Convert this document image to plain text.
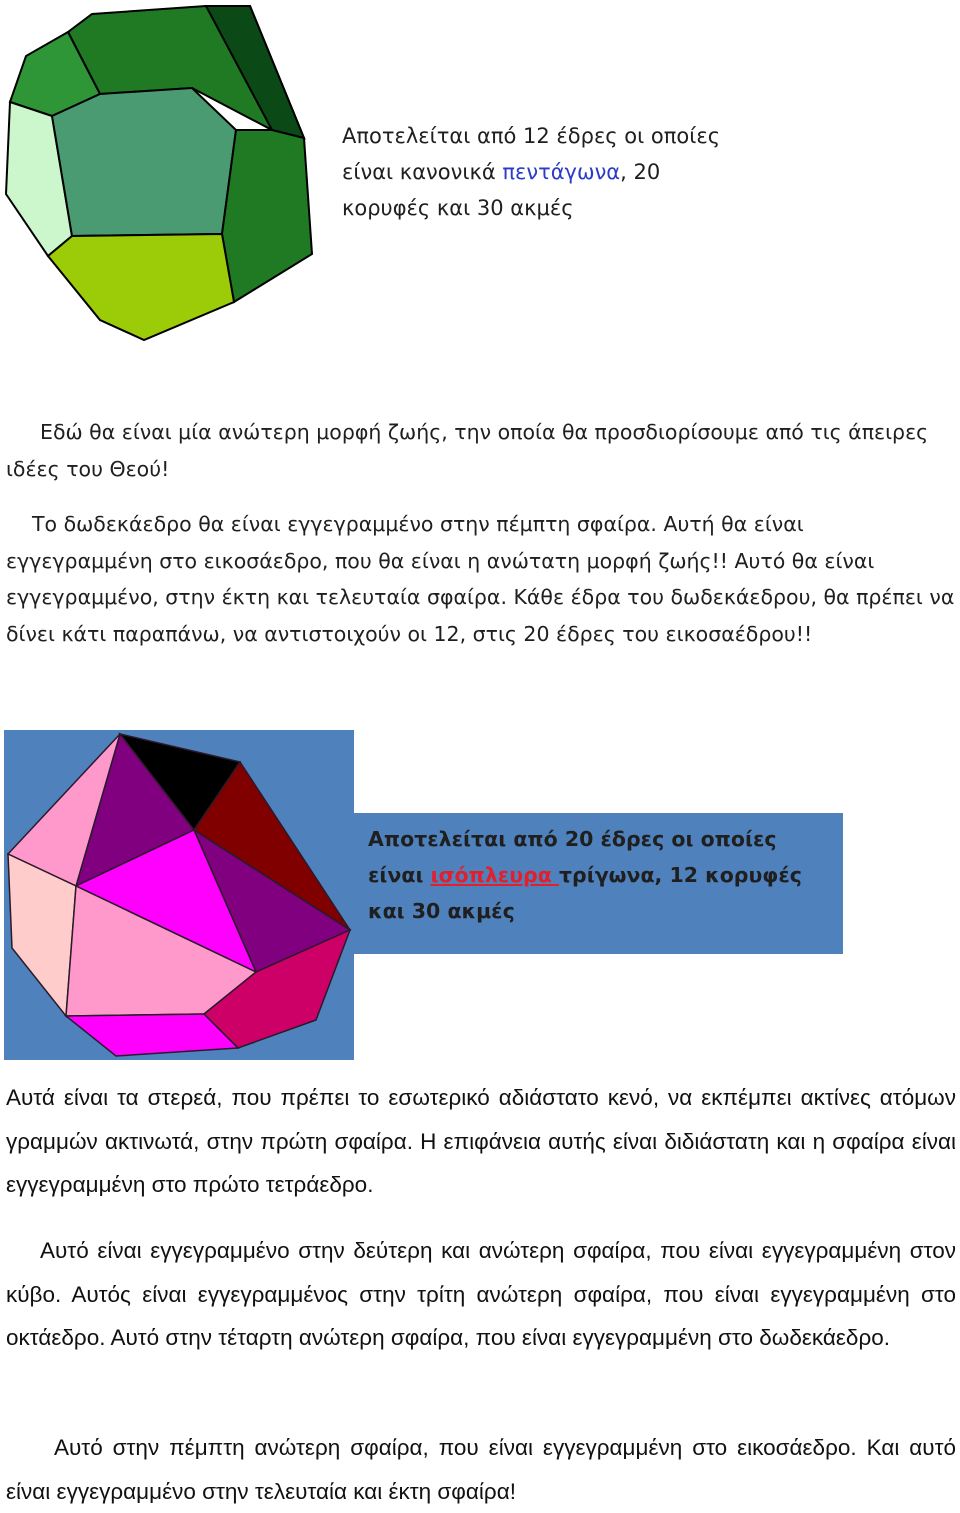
Αποτελείται από 12 έδρες οι οποίες
είναι κανονικά πεντάγωνα, 20
κορυφές και 30 ακμές

Εδώ θα είναι μία ανώτερη μορφή ζωής, την οποία θα προσδιορίσουμε από τις άπειρες ιδέες του Θεού!

Το δωδεκάεδρο θα είναι εγγεγραμμένο στην πέμπτη σφαίρα. Αυτή θα είναι εγγεγραμμένη στο εικοσάεδρο, που θα είναι η ανώτατη μορφή ζωής!! Αυτό θα είναι εγγεγραμμένο, στην έκτη και τελευταία σφαίρα. Κάθε έδρα του δωδεκάεδρου, θα πρέπει να δίνει κάτι παραπάνω, να αντιστοιχούν οι 12, στις 20 έδρες του εικοσαέδρου!!

Αποτελείται από 20 έδρες οι οποίες είναι ισόπλευρα τρίγωνα, 12 κορυφές και 30 ακμές

Αυτά είναι τα στερεά, που πρέπει το εσωτερικό αδιάστατο κενό, να εκπέμπει ακτίνες ατόμων γραμμών ακτινωτά, στην πρώτη σφαίρα. Η επιφάνεια αυτής είναι διδιάστατη και η σφαίρα είναι εγγεγραμμένη στο πρώτο τετράεδρο.

Αυτό είναι εγγεγραμμένο στην δεύτερη και ανώτερη σφαίρα, που είναι εγγεγραμμένη στον κύβο. Αυτός είναι εγγεγραμμένος στην τρίτη ανώτερη σφαίρα, που είναι εγγεγραμμένη στο οκτάεδρο. Αυτό στην τέταρτη ανώτερη σφαίρα, που είναι εγγεγραμμένη στο δωδεκάεδρο.

Αυτό στην πέμπτη ανώτερη σφαίρα, που είναι εγγεγραμμένη στο εικοσάεδρο. Και αυτό είναι εγγεγραμμένο στην τελευταία και έκτη σφαίρα!
